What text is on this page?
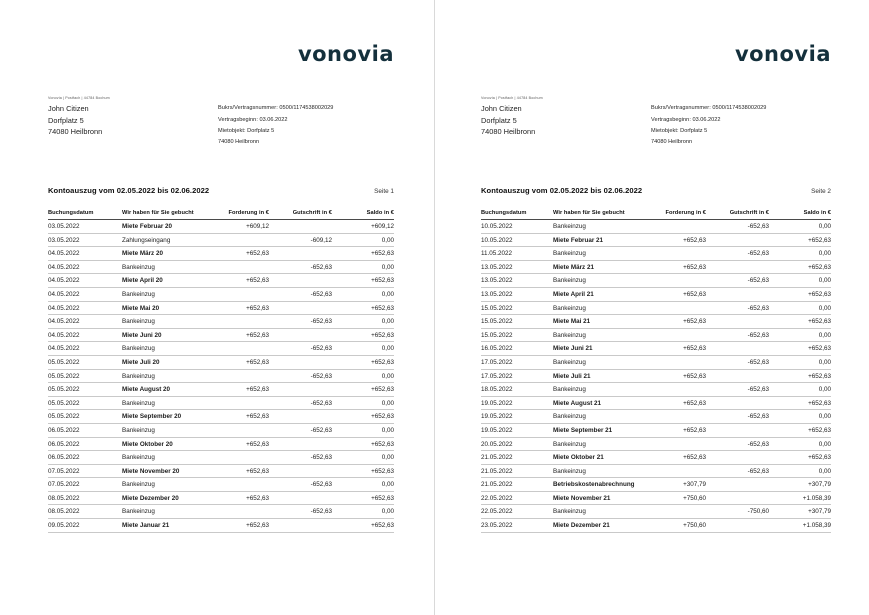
vonovia
Vonovia | Postfach | 44784 Bochum
John Citizen
Dorfplatz 5
74080 Heilbronn
Bukrs/Vertragsnummer: 0500/1174538002029
Vertragsbeginn: 03.06.2022
Mietobjekt: Dorfplatz 5
74080 Heilbronn
Kontoauszug vom 02.05.2022 bis 02.06.2022	Seite 1
Buchungsdatum	Wir haben für Sie gebucht	Forderung in €	Gutschrift in €	Saldo in €
03.05.2022	Miete Februar 20	+609,12		+609,12
03.05.2022	Zahlungseingang		-609,12	0,00
04.05.2022	Miete März 20	+652,63		+652,63
04.05.2022	Bankeinzug		-652,63	0,00
04.05.2022	Miete April 20	+652,63		+652,63
04.05.2022	Bankeinzug		-652,63	0,00
04.05.2022	Miete Mai 20	+652,63		+652,63
04.05.2022	Bankeinzug		-652,63	0,00
04.05.2022	Miete Juni 20	+652,63		+652,63
04.05.2022	Bankeinzug		-652,63	0,00
05.05.2022	Miete Juli 20	+652,63		+652,63
05.05.2022	Bankeinzug		-652,63	0,00
05.05.2022	Miete August 20	+652,63		+652,63
05.05.2022	Bankeinzug		-652,63	0,00
05.05.2022	Miete September 20	+652,63		+652,63
06.05.2022	Bankeinzug		-652,63	0,00
06.05.2022	Miete Oktober 20	+652,63		+652,63
06.05.2022	Bankeinzug		-652,63	0,00
07.05.2022	Miete November 20	+652,63		+652,63
07.05.2022	Bankeinzug		-652,63	0,00
08.05.2022	Miete Dezember 20	+652,63		+652,63
08.05.2022	Bankeinzug		-652,63	0,00
09.05.2022	Miete Januar 21	+652,63		+652,63
vonovia
Vonovia | Postfach | 44784 Bochum
John Citizen
Dorfplatz 5
74080 Heilbronn
Bukrs/Vertragsnummer: 0500/1174538002029
Vertragsbeginn: 03.06.2022
Mietobjekt: Dorfplatz 5
74080 Heilbronn
Kontoauszug vom 02.05.2022 bis 02.06.2022	Seite 2
Buchungsdatum	Wir haben für Sie gebucht	Forderung in €	Gutschrift in €	Saldo in €
10.05.2022	Bankeinzug		-652,63	0,00
10.05.2022	Miete Februar 21	+652,63		+652,63
11.05.2022	Bankeinzug		-652,63	0,00
13.05.2022	Miete März 21	+652,63		+652,63
13.05.2022	Bankeinzug		-652,63	0,00
13.05.2022	Miete April 21	+652,63		+652,63
15.05.2022	Bankeinzug		-652,63	0,00
15.05.2022	Miete Mai 21	+652,63		+652,63
15.05.2022	Bankeinzug		-652,63	0,00
16.05.2022	Miete Juni 21	+652,63		+652,63
17.05.2022	Bankeinzug		-652,63	0,00
17.05.2022	Miete Juli 21	+652,63		+652,63
18.05.2022	Bankeinzug		-652,63	0,00
19.05.2022	Miete August 21	+652,63		+652,63
19.05.2022	Bankeinzug		-652,63	0,00
19.05.2022	Miete September 21	+652,63		+652,63
20.05.2022	Bankeinzug		-652,63	0,00
21.05.2022	Miete Oktober 21	+652,63		+652,63
21.05.2022	Bankeinzug		-652,63	0,00
21.05.2022	Betriebskostenabrechnung	+307,79		+307,79
22.05.2022	Miete November 21	+750,60		+1.058,39
22.05.2022	Bankeinzug		-750,60	+307,79
23.05.2022	Miete Dezember 21	+750,60		+1.058,39
